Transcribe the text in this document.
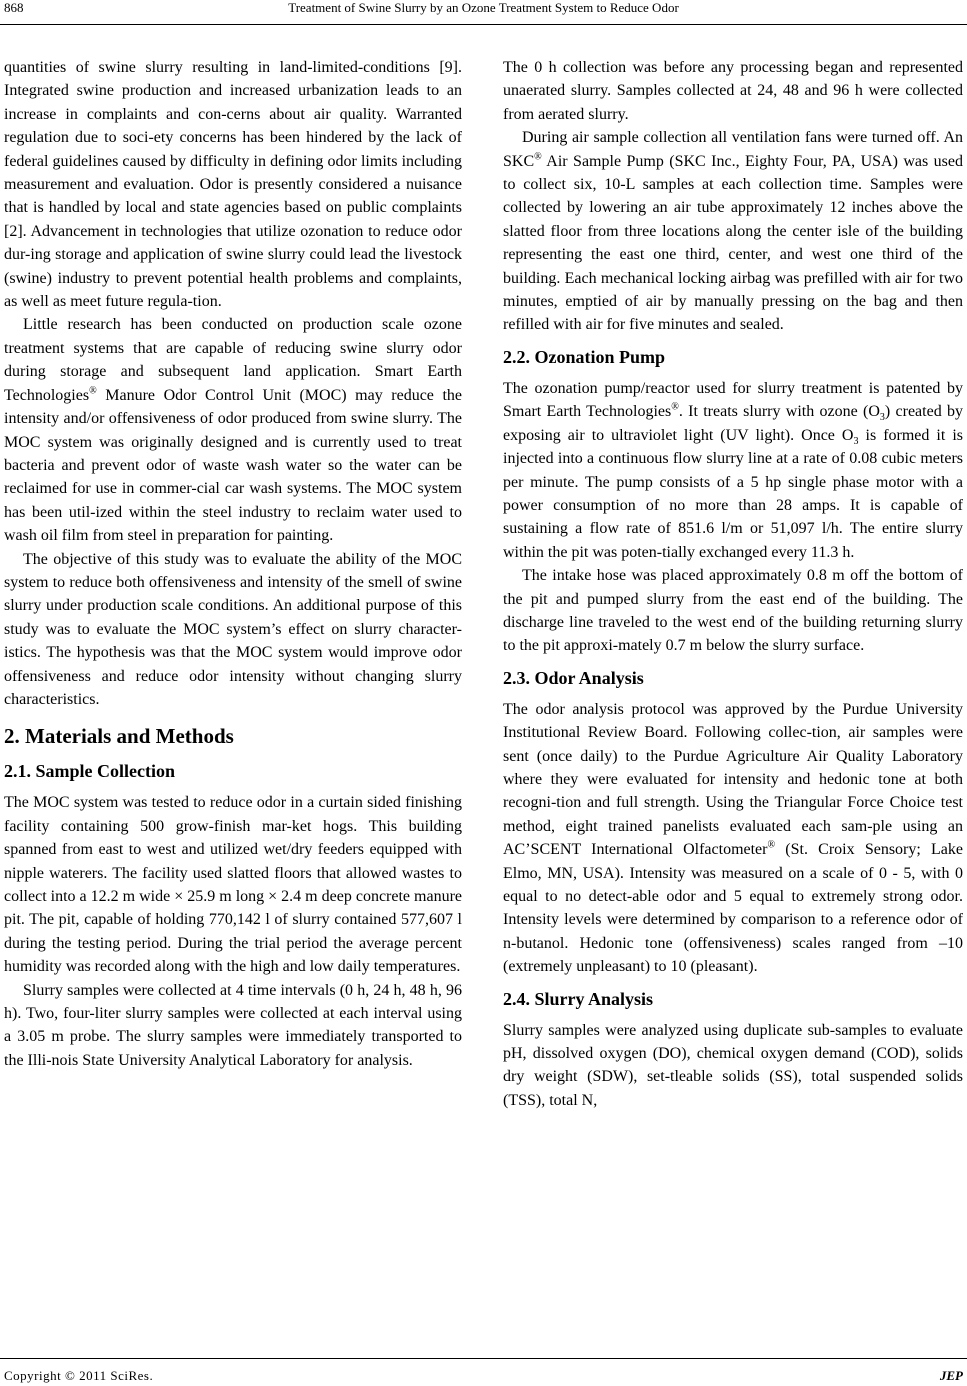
868	Treatment of Swine Slurry by an Ozone Treatment System to Reduce Odor

quantities of swine slurry resulting in land-limited-conditions [9]. Integrated swine production and increased urbanization leads to an increase in complaints and con-cerns about air quality. Warranted regulation due to soci-ety concerns has been hindered by the lack of federal guidelines caused by difficulty in defining odor limits including measurement and evaluation. Odor is presently considered a nuisance that is handled by local and state agencies based on public complaints [2]. Advancement in technologies that utilize ozonation to reduce odor dur-ing storage and application of swine slurry could lead the livestock (swine) industry to prevent potential health problems and complaints, as well as meet future regula-tion.

Little research has been conducted on production scale ozone treatment systems that are capable of reducing swine slurry odor during storage and subsequent land application. Smart Earth Technologies® Manure Odor Control Unit (MOC) may reduce the intensity and/or offensiveness of odor produced from swine slurry. The MOC system was originally designed and is currently used to treat bacteria and prevent odor of waste wash water so the water can be reclaimed for use in commer-cial car wash systems. The MOC system has been util-ized within the steel industry to reclaim water used to wash oil film from steel in preparation for painting.

The objective of this study was to evaluate the ability of the MOC system to reduce both offensiveness and intensity of the smell of swine slurry under production scale conditions. An additional purpose of this study was to evaluate the MOC system’s effect on slurry character-istics. The hypothesis was that the MOC system would improve odor offensiveness and reduce odor intensity without changing slurry characteristics.

2. Materials and Methods
2.1. Sample Collection

The MOC system was tested to reduce odor in a curtain sided finishing facility containing 500 grow-finish mar-ket hogs. This building spanned from east to west and utilized wet/dry feeders equipped with nipple waterers. The facility used slatted floors that allowed wastes to collect into a 12.2 m wide × 25.9 m long × 2.4 m deep concrete manure pit. The pit, capable of holding 770,142 l of slurry contained 577,607 l during the testing period. During the trial period the average percent humidity was recorded along with the high and low daily temperatures.

Slurry samples were collected at 4 time intervals (0 h, 24 h, 48 h, 96 h). Two, four-liter slurry samples were collected at each interval using a 3.05 m probe. The slurry samples were immediately transported to the Illi-nois State University Analytical Laboratory for analysis.

The 0 h collection was before any processing began and represented unaerated slurry. Samples collected at 24, 48 and 96 h were collected from aerated slurry.

During air sample collection all ventilation fans were turned off. An SKC® Air Sample Pump (SKC Inc., Eighty Four, PA, USA) was used to collect six, 10-L samples at each collection time. Samples were collected by lowering an air tube approximately 12 inches above the slatted floor from three locations along the center isle of the building representing the east one third, center, and west one third of the building. Each mechanical locking airbag was prefilled with air for two minutes, emptied of air by manually pressing on the bag and then refilled with air for five minutes and sealed.

2.2. Ozonation Pump

The ozonation pump/reactor used for slurry treatment is patented by Smart Earth Technologies®. It treats slurry with ozone $(O_3)$ created by exposing air to ultraviolet light (UV light). Once $O_3$ is formed it is injected into a continuous flow slurry line at a rate of 0.08 cubic meters per minute. The pump consists of a 5 hp single phase motor with a power consumption of no more than 28 amps. It is capable of sustaining a flow rate of 851.6 l/m or 51,097 l/h. The entire slurry within the pit was poten-tially exchanged every 11.3 h.

The intake hose was placed approximately 0.8 m off the bottom of the pit and pumped slurry from the east end of the building. The discharge line traveled to the west end of the building returning slurry to the pit approxi-mately 0.7 m below the slurry surface.

2.3. Odor Analysis

The odor analysis protocol was approved by the Purdue University Institutional Review Board. Following collec-tion, air samples were sent (once daily) to the Purdue Agriculture Air Quality Laboratory where they were evaluated for intensity and hedonic tone at both recogni-tion and full strength. Using the Triangular Force Choice test method, eight trained panelists evaluated each sam-ple using an AC’SCENT International Olfactometer® (St. Croix Sensory; Lake Elmo, MN, USA). Intensity was measured on a scale of 0 - 5, with 0 equal to no detect-able odor and 5 equal to extremely strong odor. Intensity levels were determined by comparison to a reference odor of n-butanol. Hedonic tone (offensiveness) scales ranged from –10 (extremely unpleasant) to 10 (pleasant).

2.4. Slurry Analysis

Slurry samples were analyzed using duplicate sub-samples to evaluate pH, dissolved oxygen (DO), chemical oxygen demand (COD), solids dry weight (SDW), set-tleable solids (SS), total suspended solids (TSS), total N,

Copyright © 2011 SciRes.	JEP
